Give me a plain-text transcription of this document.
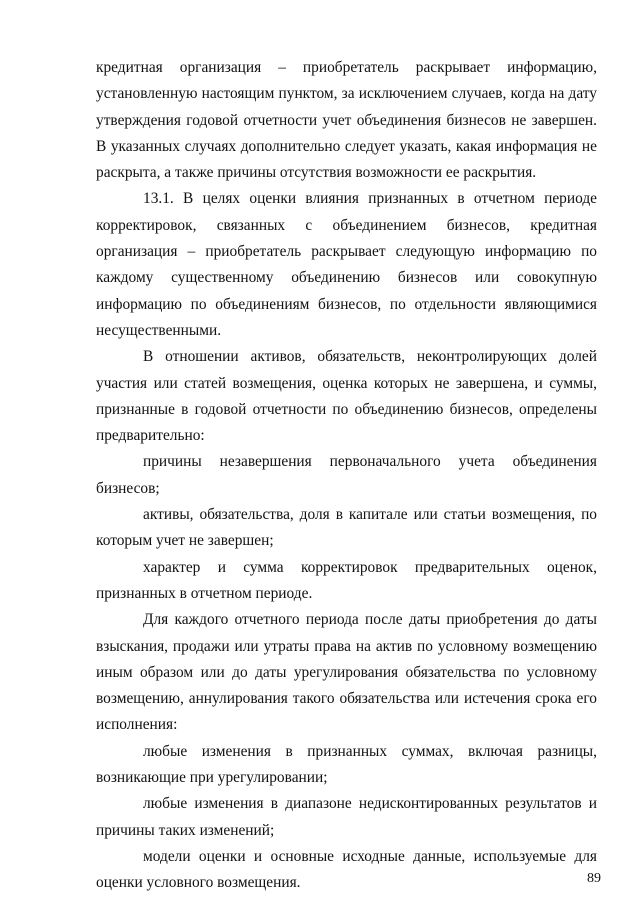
кредитная организация – приобретатель раскрывает информацию, установленную настоящим пунктом, за исключением случаев, когда на дату утверждения годовой отчетности учет объединения бизнесов не завершен. В указанных случаях дополнительно следует указать, какая информация не раскрыта, а также причины отсутствия возможности ее раскрытия.

13.1. В целях оценки влияния признанных в отчетном периоде корректировок, связанных с объединением бизнесов, кредитная организация – приобретатель раскрывает следующую информацию по каждому существенному объединению бизнесов или совокупную информацию по объединениям бизнесов, по отдельности являющимися несущественными.

В отношении активов, обязательств, неконтролирующих долей участия или статей возмещения, оценка которых не завершена, и суммы, признанные в годовой отчетности по объединению бизнесов, определены предварительно:

причины незавершения первоначального учета объединения бизнесов;

активы, обязательства, доля в капитале или статьи возмещения, по которым учет не завершен;

характер и сумма корректировок предварительных оценок, признанных в отчетном периоде.

Для каждого отчетного периода после даты приобретения до даты взыскания, продажи или утраты права на актив по условному возмещению иным образом или до даты урегулирования обязательства по условному возмещению, аннулирования такого обязательства или истечения срока его исполнения:

любые изменения в признанных суммах, включая разницы, возникающие при урегулировании;

любые изменения в диапазоне недисконтированных результатов и причины таких изменений;

модели оценки и основные исходные данные, используемые для оценки условного возмещения.	89
